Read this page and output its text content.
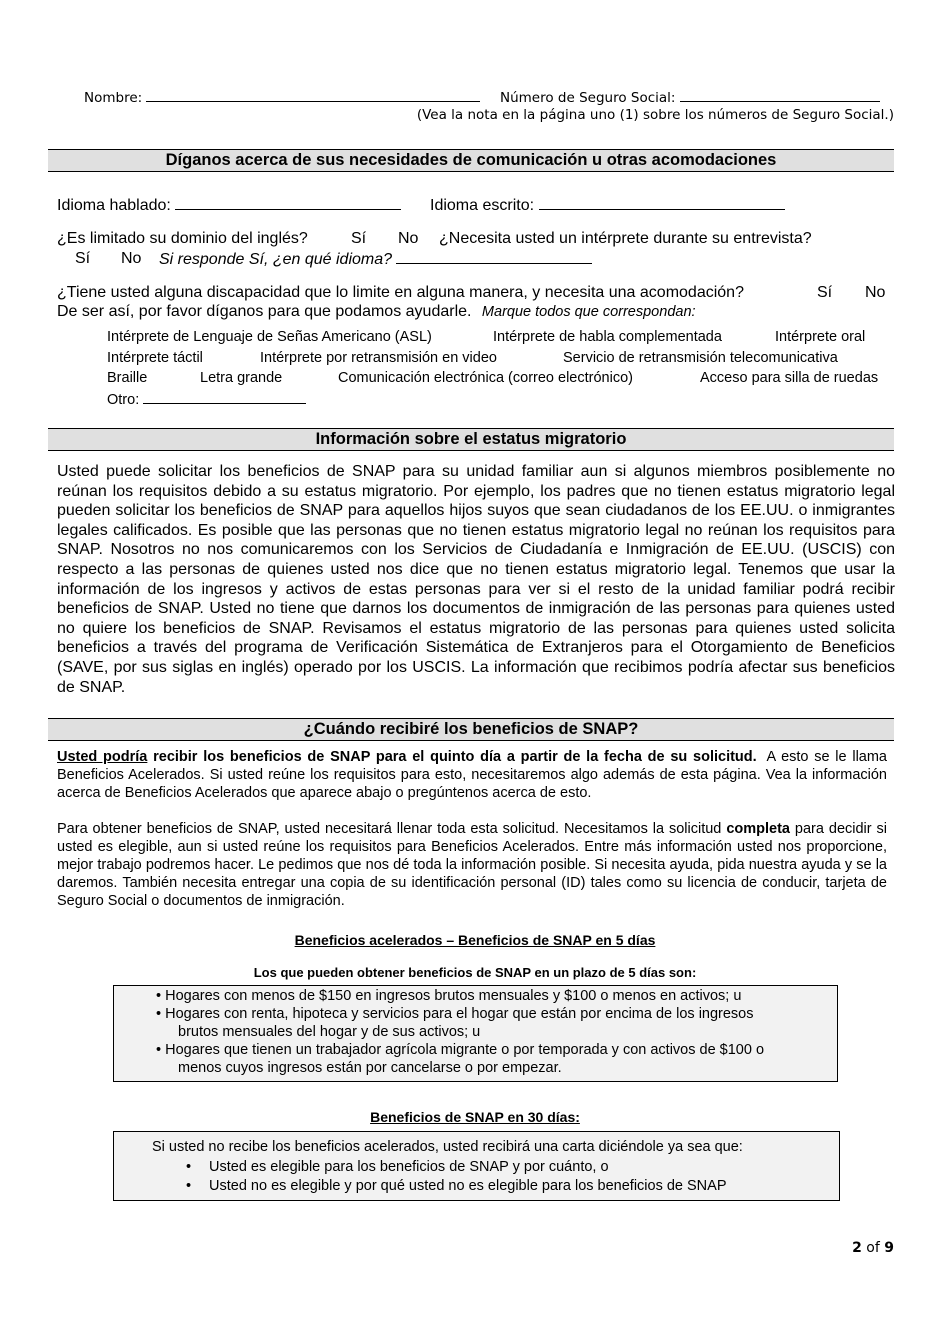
Nombre:	Número de Seguro Social:
(Vea la nota en la página uno (1) sobre los números de Seguro Social.)
Díganos acerca de sus necesidades de comunicación u otras acomodaciones
Idioma hablado:	Idioma escrito:
¿Es limitado su dominio del inglés?	Sí No ¿Necesita usted un intérprete durante su entrevista?
Sí No Si responde Sí, ¿en qué idioma?
¿Tiene usted alguna discapacidad que lo limite en alguna manera, y necesita una acomodación?	Sí No
De ser así, por favor díganos para que podamos ayudarle. Marque todos que correspondan:
Intérprete de Lenguaje de Señas Americano (ASL)	Intérprete de habla complementada	Intérprete oral
Intérprete táctil	Intérprete por retransmisión en video	Servicio de retransmisión telecomunicativa
Braille	Letra grande	Comunicación electrónica (correo electrónico)	Acceso para silla de ruedas
Otro:
Información sobre el estatus migratorio
Usted puede solicitar los beneficios de SNAP para su unidad familiar aun si algunos miembros posiblemente no reúnan los requisitos debido a su estatus migratorio. Por ejemplo, los padres que no tienen estatus migratorio legal pueden solicitar los beneficios de SNAP para aquellos hijos suyos que sean ciudadanos de los EE.UU. o inmigrantes legales calificados. Es posible que las personas que no tienen estatus migratorio legal no reúnan los requisitos para SNAP. Nosotros no nos comunicaremos con los Servicios de Ciudadanía e Inmigración de EE.UU. (USCIS) con respecto a las personas de quienes usted nos dice que no tienen estatus migratorio legal. Tenemos que usar la información de los ingresos y activos de estas personas para ver si el resto de la unidad familiar podrá recibir beneficios de SNAP. Usted no tiene que darnos los documentos de inmigración de las personas para quienes usted no quiere los beneficios de SNAP. Revisamos el estatus migratorio de las personas para quienes usted solicita beneficios a través del programa de Verificación Sistemática de Extranjeros para el Otorgamiento de Beneficios (SAVE, por sus siglas en inglés) operado por los USCIS. La información que recibimos podría afectar sus beneficios de SNAP.
¿Cuándo recibiré los beneficios de SNAP?
Usted podría recibir los beneficios de SNAP para el quinto día a partir de la fecha de su solicitud. A esto se le llama Beneficios Acelerados. Si usted reúne los requisitos para esto, necesitaremos algo además de esta página. Vea la información acerca de Beneficios Acelerados que aparece abajo o pregúntenos acerca de esto.
Para obtener beneficios de SNAP, usted necesitará llenar toda esta solicitud. Necesitamos la solicitud completa para decidir si usted es elegible, aun si usted reúne los requisitos para Beneficios Acelerados. Entre más información usted nos proporcione, mejor trabajo podremos hacer. Le pedimos que nos dé toda la información posible. Si necesita ayuda, pida nuestra ayuda y se la daremos. También necesita entregar una copia de su identificación personal (ID) tales como su licencia de conducir, tarjeta de Seguro Social o documentos de inmigración.
Beneficios acelerados – Beneficios de SNAP en 5 días
Los que pueden obtener beneficios de SNAP en un plazo de 5 días son:
• Hogares con menos de $150 en ingresos brutos mensuales y $100 o menos en activos; u
• Hogares con renta, hipoteca y servicios para el hogar que están por encima de los ingresos
brutos mensuales del hogar y de sus activos; u
• Hogares que tienen un trabajador agrícola migrante o por temporada y con activos de $100 o
menos cuyos ingresos están por cancelarse o por empezar.
Beneficios de SNAP en 30 días:
Si usted no recibe los beneficios acelerados, usted recibirá una carta diciéndole ya sea que:
• Usted es elegible para los beneficios de SNAP y por cuánto, o
• Usted no es elegible y por qué usted no es elegible para los beneficios de SNAP
2 of 9
